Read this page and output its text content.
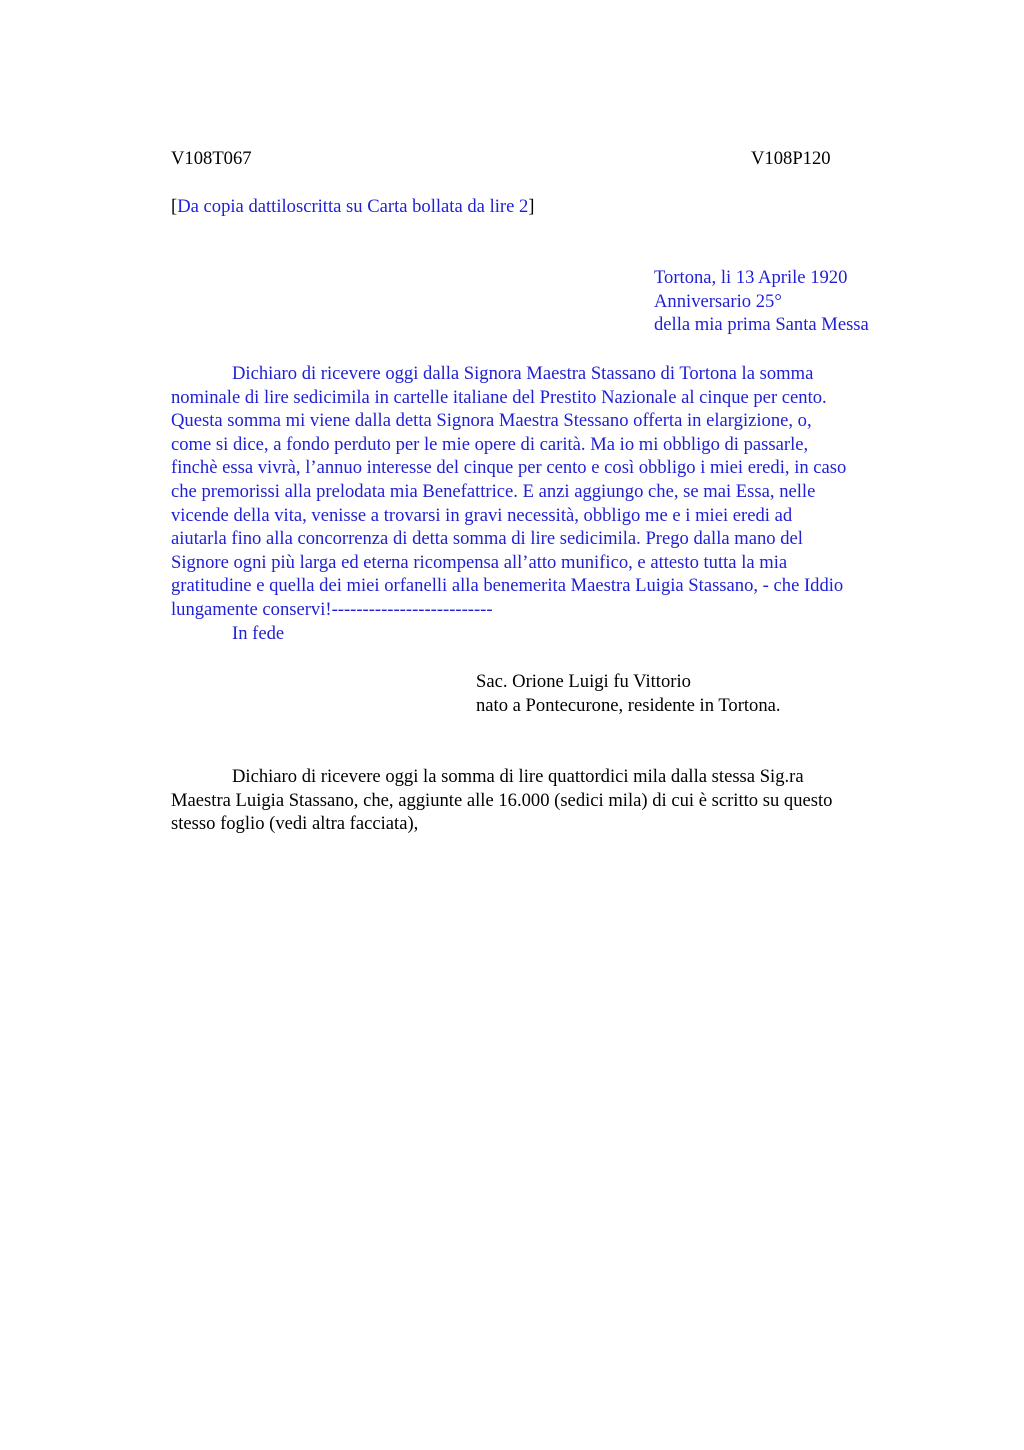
V108T067	V108P120

[Da copia dattiloscritta su Carta bollata da lire 2]

Tortona, li 13 Aprile 1920
Anniversario 25°
della mia prima Santa Messa
Dichiaro di ricevere oggi dalla Signora Maestra Stassano di Tortona la somma
nominale di lire sedicimila in cartelle italiane del Prestito Nazionale al cinque per cento.
Questa somma mi viene dalla detta Signora Maestra Stessano offerta in elargizione, o,
come si dice, a fondo perduto per le mie opere di carità. Ma io mi obbligo di passarle,
finchè essa vivrà, l’annuo interesse del cinque per cento e così obbligo i miei eredi, in caso
che premorissi alla prelodata mia Benefattrice. E anzi aggiungo che, se mai Essa, nelle
vicende della vita, venisse a trovarsi in gravi necessità, obbligo me e i miei eredi ad
aiutarla fino alla concorrenza di detta somma di lire sedicimila. Prego dalla mano del
Signore ogni più larga ed eterna ricompensa all’atto munifico, e attesto tutta la mia
gratitudine e quella dei miei orfanelli alla benemerita Maestra Luigia Stassano, - che Iddio
lungamente conservi!--------------------------
In fede
Sac. Orione Luigi fu Vittorio
nato a Pontecurone, residente in Tortona.
Dichiaro di ricevere oggi la somma di lire quattordici mila dalla stessa Sig.ra
Maestra Luigia Stassano, che, aggiunte alle 16.000 (sedici mila) di cui è scritto su questo
stesso foglio (vedi altra facciata),
